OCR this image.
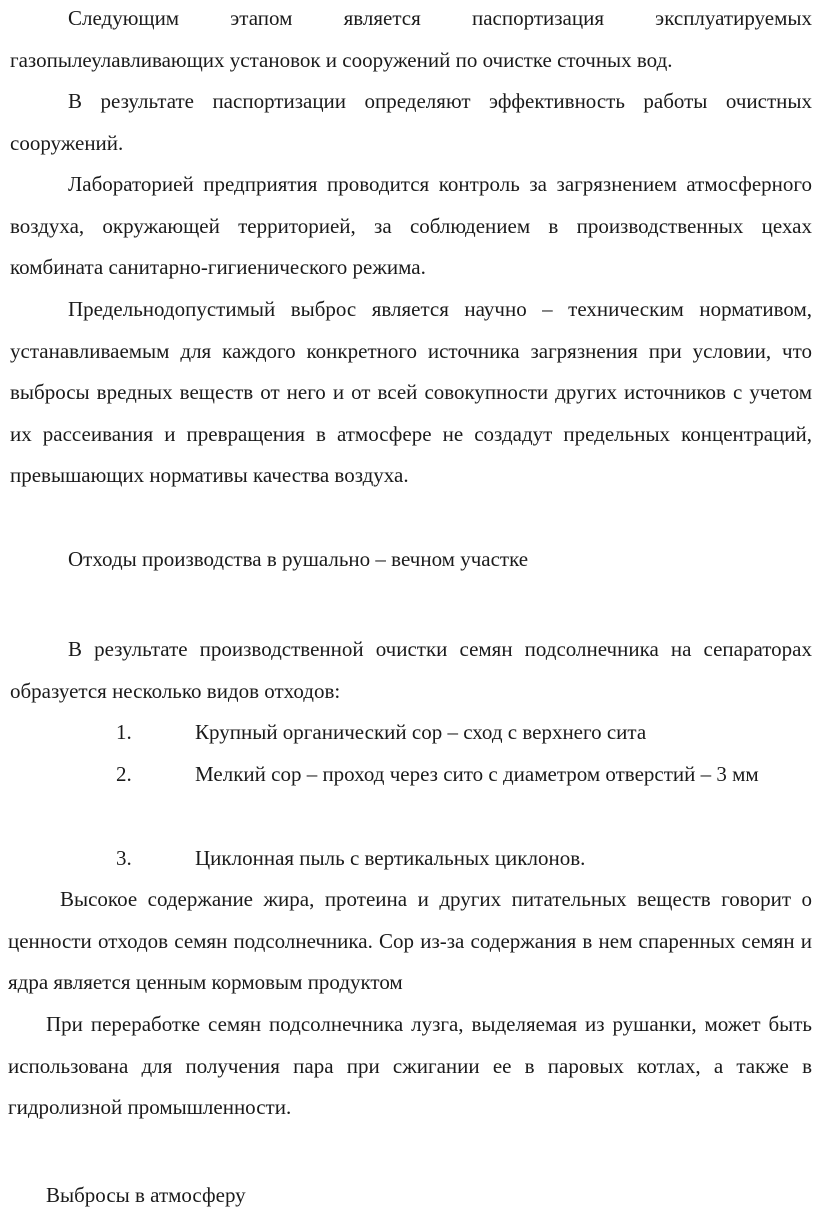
Следующим этапом является паспортизация эксплуатируемых газопылеулавливающих установок и сооружений по очистке сточных вод.

В результате паспортизации определяют эффективность работы очистных сооружений.

Лабораторией предприятия проводится контроль за загрязнением атмосферного воздуха, окружающей территорией, за соблюдением в производственных цехах комбината санитарно-гигиенического режима.

Предельнодопустимый выброс является научно – техническим нормативом, устанавливаемым для каждого конкретного источника загрязнения при условии, что выбросы вредных веществ от него и от всей совокупности других источников с учетом их рассеивания и превращения в атмосфере не создадут предельных концентраций, превышающих нормативы качества воздуха.

Отходы производства в рушально – вечном участке

В результате производственной очистки семян подсолнечника на сепараторах образуется несколько видов отходов:

1.	Крупный органический сор – сход с верхнего сита
2.	Мелкий сор – проход через сито с диаметром отверстий – 3 мм
3.	Циклонная пыль с вертикальных циклонов.

Высокое содержание жира, протеина и других питательных веществ говорит о ценности отходов семян подсолнечника. Сор из-за содержания в нем спаренных семян и ядра является ценным кормовым продуктом

При переработке семян подсолнечника лузга, выделяемая из рушанки, может быть использована для получения пара при сжигании ее в паровых котлах, а также в гидролизной промышленности.

Выбросы в атмосферу
